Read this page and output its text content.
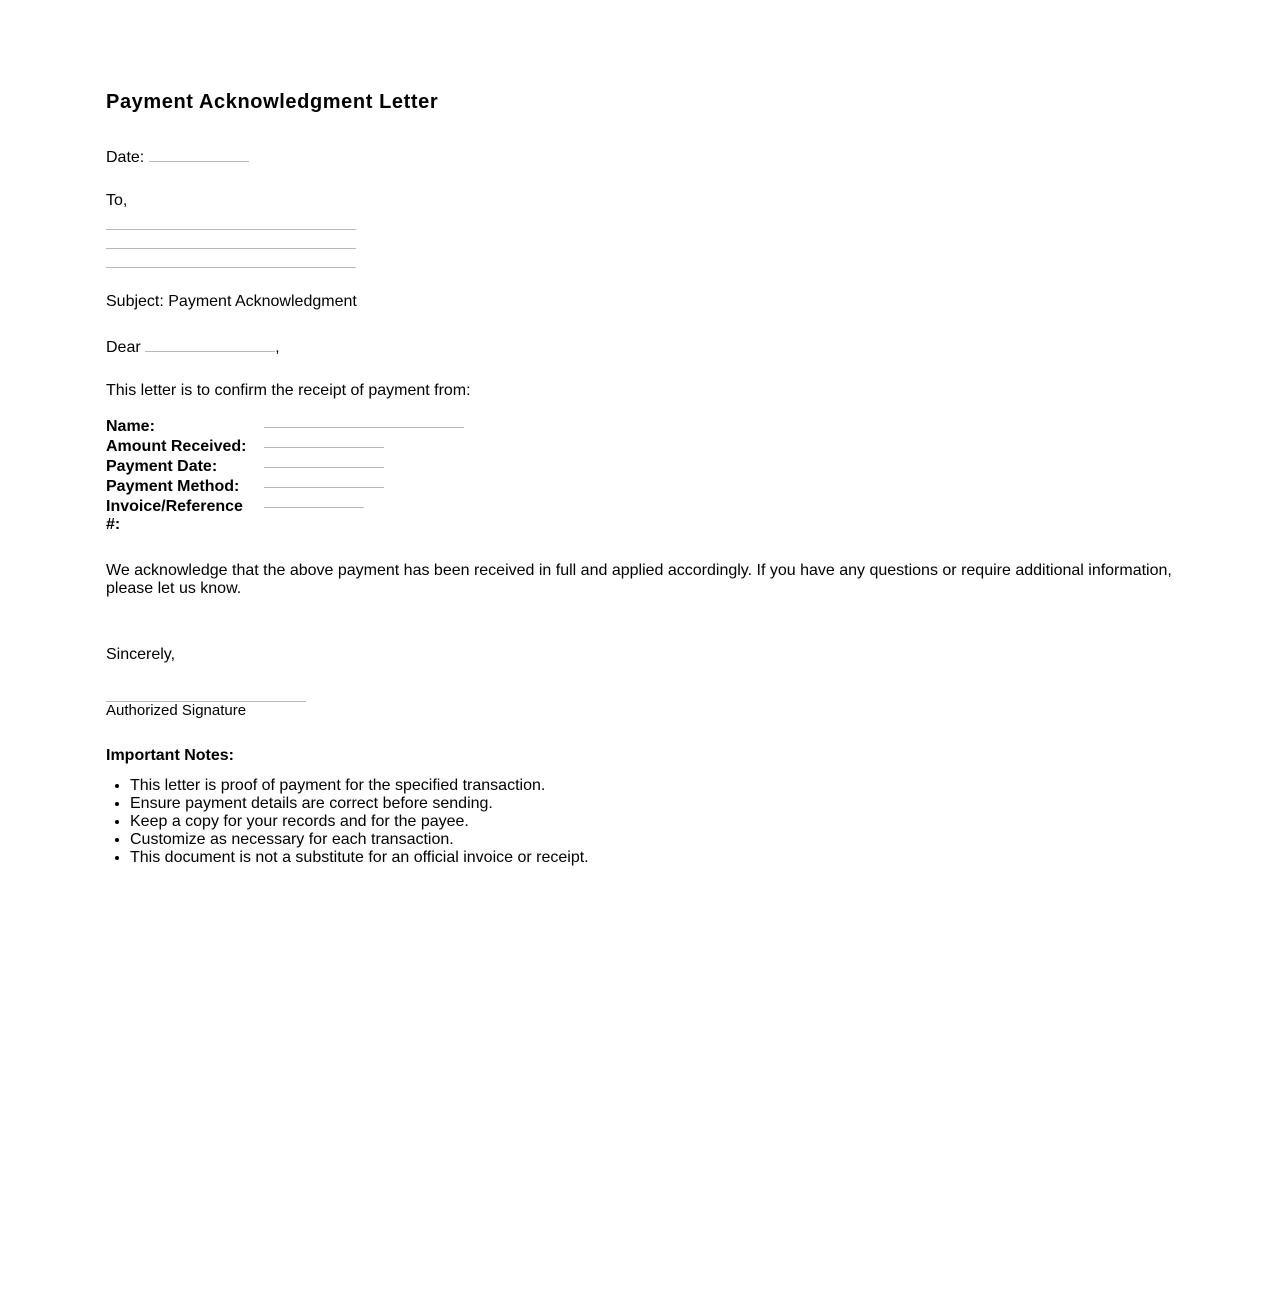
Payment Acknowledgment Letter
Date:
To,
Subject: Payment Acknowledgment
Dear	,
This letter is to confirm the receipt of payment from:
Name:
Amount Received:
Payment Date:
Payment Method:
Invoice/Reference #:
We acknowledge that the above payment has been received in full and applied accordingly. If you have any questions or require additional information, please let us know.
Sincerely,
Authorized Signature
Important Notes:
• This letter is proof of payment for the specified transaction.
• Ensure payment details are correct before sending.
• Keep a copy for your records and for the payee.
• Customize as necessary for each transaction.
• This document is not a substitute for an official invoice or receipt.
